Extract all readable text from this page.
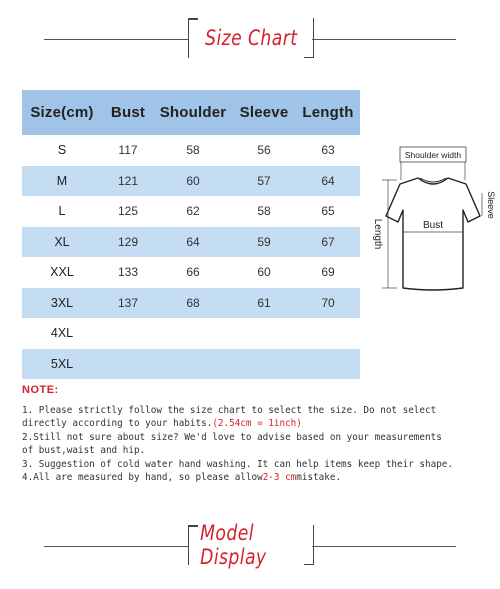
Size Chart
Size(cm)	Bust Shoulder Sleeve Length
S	117	58	56	63
M	121	60	57	64
L	125	62	58	65
XL	129	64	59	67
XXL	133	66	60	69
3XL	137	68	61	70
4XL
5XL
Shoulder width
Bust
Length
Sleeve
NOTE:
1. Please strictly follow the size chart to select the size. Do not select
directly according to your habits.(2.54cm = 1inch)
2.Still not sure about size? We'd love to advise based on your measurements
of bust,waist and hip.
3. Suggestion of cold water hand washing. It can help items keep their shape.
4.All are measured by hand, so please allow2-3 cmmistake.
Model Display
